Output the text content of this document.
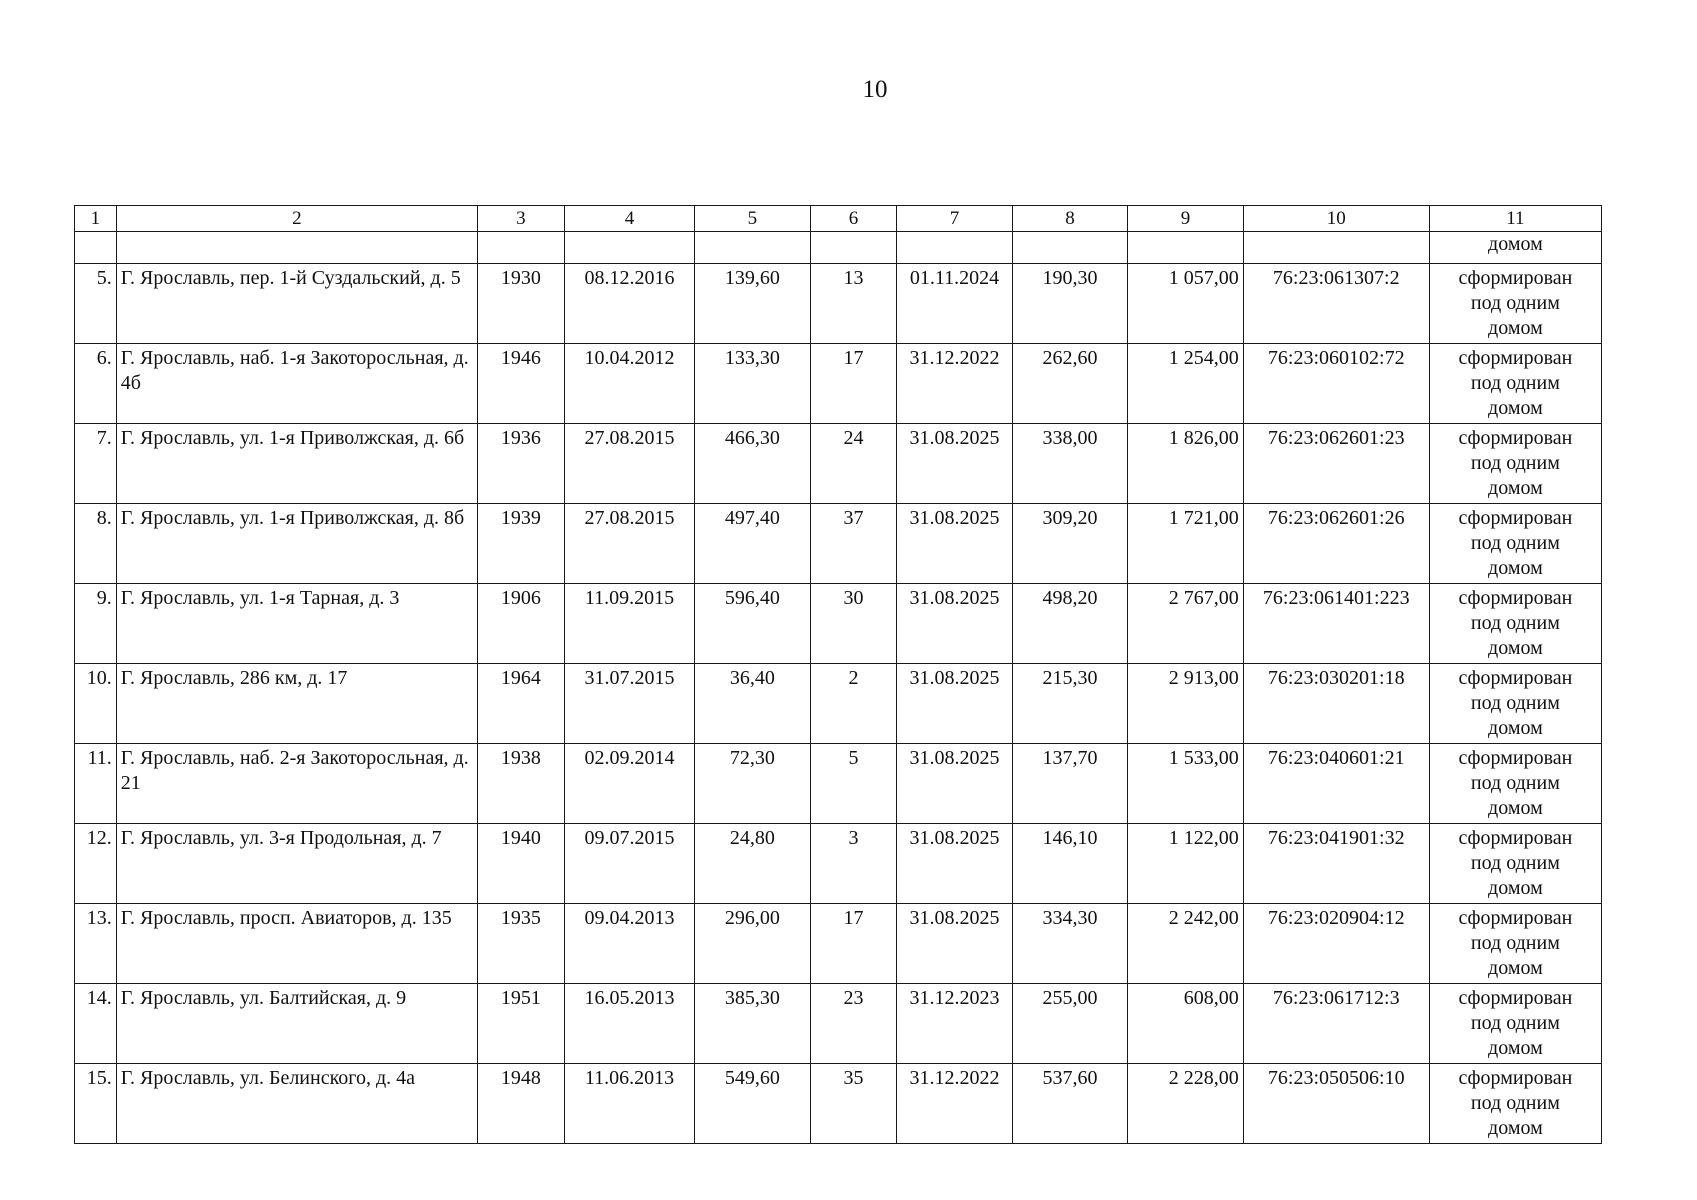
10
1	2	3	4	5	6	7	8	9	10	11
										домом
5.	Г. Ярославль, пер. 1-й Суздальский, д. 5	1930	08.12.2016	139,60	13	01.11.2024	190,30	1 057,00	76:23:061307:2	сформирован
под одним
домом

6.	Г. Ярославль, наб. 1-я Закоторосльная, д. 4б	1946	10.04.2012	133,30	17	31.12.2022	262,60	1 254,00	76:23:060102:72	сформирован
под одним
домом

7.	Г. Ярославль, ул. 1-я Приволжская, д. 6б	1936	27.08.2015	466,30	24	31.08.2025	338,00	1 826,00	76:23:062601:23	сформирован
под одним
домом

8.	Г. Ярославль, ул. 1-я Приволжская, д. 8б	1939	27.08.2015	497,40	37	31.08.2025	309,20	1 721,00	76:23:062601:26	сформирован
под одним
домом

9.	Г. Ярославль, ул. 1-я Тарная, д. 3	1906	11.09.2015	596,40	30	31.08.2025	498,20	2 767,00	76:23:061401:223	сформирован
под одним
домом

10.	Г. Ярославль, 286 км, д. 17	1964	31.07.2015	36,40	2	31.08.2025	215,30	2 913,00	76:23:030201:18	сформирован
под одним
домом

11.	Г. Ярославль, наб. 2-я Закоторосльная, д. 21	1938	02.09.2014	72,30	5	31.08.2025	137,70	1 533,00	76:23:040601:21	сформирован
под одним
домом

12.	Г. Ярославль, ул. 3-я Продольная, д. 7	1940	09.07.2015	24,80	3	31.08.2025	146,10	1 122,00	76:23:041901:32	сформирован
под одним
домом

13.	Г. Ярославль, просп. Авиаторов, д. 135	1935	09.04.2013	296,00	17	31.08.2025	334,30	2 242,00	76:23:020904:12	сформирован
под одним
домом

14.	Г. Ярославль, ул. Балтийская, д. 9	1951	16.05.2013	385,30	23	31.12.2023	255,00	608,00	76:23:061712:3	сформирован
под одним
домом

15.	Г. Ярославль, ул. Белинского, д. 4а	1948	11.06.2013	549,60	35	31.12.2022	537,60	2 228,00	76:23:050506:10	сформирован
под одним
домом
